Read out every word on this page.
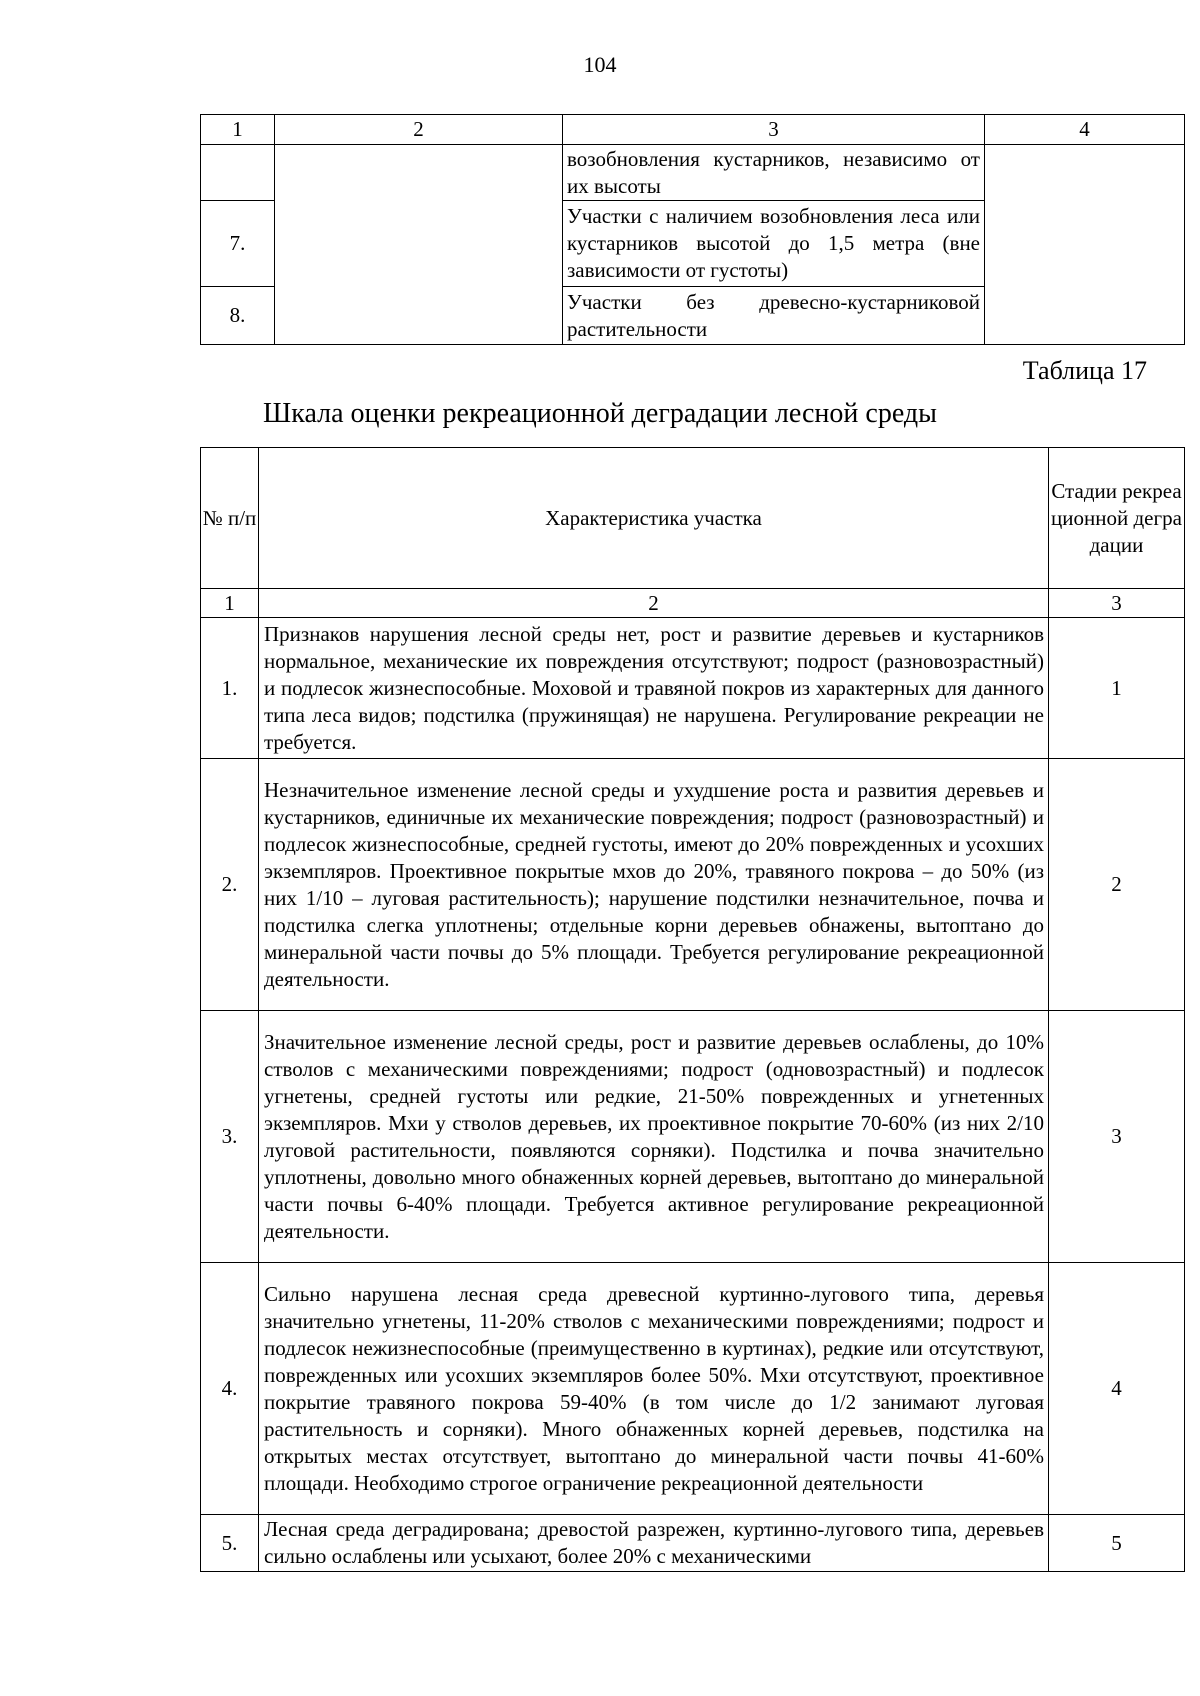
104
1	2	3	4
		возобновления кустарников, независимо от их высоты	
7.		Участки с наличием возобновления леса или кустарников высотой до 1,5 метра (вне зависимости от густоты)	
8.		Участки без древесно-кустарниковой растительности	
Таблица 17
Шкала оценки рекреационной деградации лесной среды
№ п/п	Характеристика участка	Стадии рекреационной деградации
1	2	3
1.	Признаков нарушения лесной среды нет, рост и развитие деревьев и кустарников нормальное, механические их повреждения отсутствуют; подрост (разновозрастный) и подлесок жизнеспособные. Моховой и травяной покров из характерных для данного типа леса видов; подстилка (пружинящая) не нарушена. Регулирование рекреации не требуется.	1
2.	Незначительное изменение лесной среды и ухудшение роста и развития деревьев и кустарников, единичные их механические повреждения; подрост (разновозрастный) и подлесок жизнеспособные, средней густоты, имеют до 20% поврежденных и усохших экземпляров. Проективное покрытые мхов до 20%, травяного покрова – до 50% (из них 1/10 – луговая растительность); нарушение подстилки незначительное, почва и подстилка слегка уплотнены; отдельные корни деревьев обнажены, вытоптано до минеральной части почвы до 5% площади. Требуется регулирование рекреационной деятельности.	2
3.	Значительное изменение лесной среды, рост и развитие деревьев ослаблены, до 10% стволов с механическими повреждениями; подрост (одновозрастный) и подлесок угнетены, средней густоты или редкие, 21-50% поврежденных и угнетенных экземпляров. Мхи у стволов деревьев, их проективное покрытие 70-60% (из них 2/10 луговой растительности, появляются сорняки). Подстилка и почва значительно уплотнены, довольно много обнаженных корней деревьев, вытоптано до минеральной части почвы 6-40% площади. Требуется активное регулирование рекреационной деятельности.	3
4.	Сильно нарушена лесная среда древесной куртинно-лугового типа, деревья значительно угнетены, 11-20% стволов с механическими повреждениями; подрост и подлесок нежизнеспособные (преимущественно в куртинах), редкие или отсутствуют, поврежденных или усохших экземпляров более 50%. Мхи отсутствуют, проективное покрытие травяного покрова 59-40% (в том числе до 1/2 занимают луговая растительность и сорняки). Много обнаженных корней деревьев, подстилка на открытых местах отсутствует, вытоптано до минеральной части почвы 41-60% площади. Необходимо строгое ограничение рекреационной деятельности	4
5.	Лесная среда деградирована; древостой разрежен, куртинно-лугового типа, деревьев сильно ослаблены или усыхают, более 20% с механическими	5
